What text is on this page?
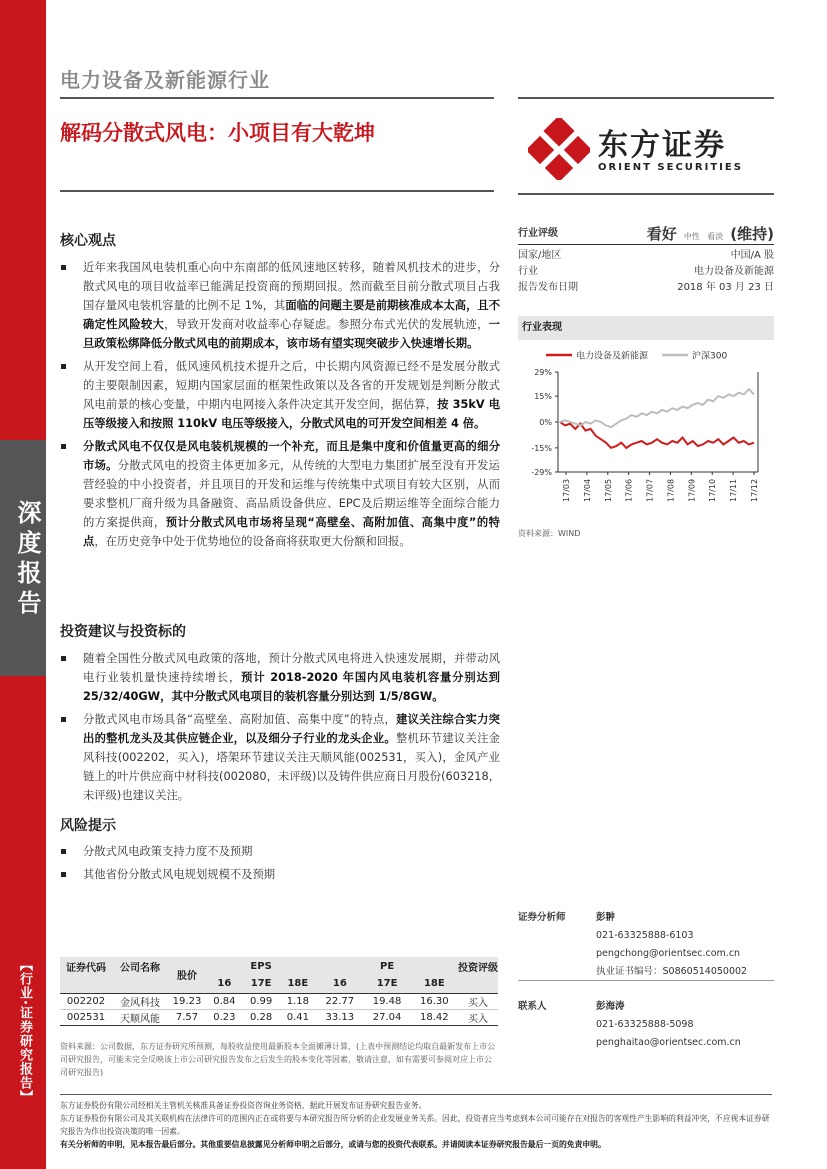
深度报告
【行业·证券研究报告】
电力设备及新能源行业
解码分散式风电：小项目有大乾坤	东方证券
ORIENT SECURITIES
核心观点
近年来我国风电装机重心向中东南部的低风速地区转移，随着风机技术的进步，分散式风电的项目收益率已能满足投资商的预期回报。然而截至目前分散式项目占我国存量风电装机容量的比例不足 1%，其面临的问题主要是前期核准成本太高，且不确定性风险较大，导致开发商对收益率心存疑虑。参照分布式光伏的发展轨迹，一旦政策松绑降低分散式风电的前期成本，该市场有望实现突破步入快速增长期。
从开发空间上看，低风速风机技术提升之后，中长期内风资源已经不是发展分散式的主要限制因素，短期内国家层面的框架性政策以及各省的开发规划是判断分散式风电前景的核心变量，中期内电网接入条件决定其开发空间，据估算，按 35kV 电压等级接入和按照 110kV 电压等级接入，分散式风电的可开发空间相差 4 倍。
分散式风电不仅仅是风电装机规模的一个补充，而且是集中度和价值量更高的细分市场。分散式风电的投资主体更加多元，从传统的大型电力集团扩展至没有开发运营经验的中小投资者，并且项目的开发和运维与传统集中式项目有较大区别，从而要求整机厂商升级为具备融资、高品质设备供应、EPC及后期运维等全面综合能力的方案提供商，预计分散式风电市场将呈现“高壁垒、高附加值、高集中度”的特点，在历史竞争中处于优势地位的设备商将获取更大份额和回报。
投资建议与投资标的
随着全国性分散式风电政策的落地，预计分散式风电将进入快速发展期，并带动风电行业装机量快速持续增长，预计 2018-2020 年国内风电装机容量分别达到 25/32/40GW，其中分散式风电项目的装机容量分别达到 1/5/8GW。
分散式风电市场具备“高壁垒、高附加值、高集中度”的特点，建议关注综合实力突出的整机龙头及其供应链企业，以及细分子行业的龙头企业。整机环节建议关注金风科技(002202，买入)，塔架环节建议关注天顺风能(002531，买入)，金风产业链上的叶片供应商中材科技(002080，未评级)以及铸件供应商日月股份(603218，未评级)也建议关注。
风险提示
分散式风电政策支持力度不及预期
其他省份分散式风电规划规模不及预期
行业评级	看好 中性 看淡 (维持)
国家/地区	中国/A 股
行业	电力设备及新能源
报告发布日期	2018 年 03 月 23 日
行业表现
电力设备及新能源	沪深300
29%
15%
0%
-15%
-29%
17/03 17/04 17/05 17/06 17/07 17/08 17/09 17/10 17/11 17/12
资料来源：WIND
证券分析师	彭翀
021-63325888-6103
pengchong@orientsec.com.cn
执业证书编号：S0860514050002
联系人	彭海涛
021-63325888-5098
penghaitao@orientsec.com.cn
证券代码	公司名称	股价	EPS			PE			投资评级
			16	17E	18E	16	17E	18E	
002202	金风科技	19.23	0.84	0.99	1.18	22.77	19.48	16.30	买入
002531	天顺风能	7.57	0.23	0.28	0.41	33.13	27.04	18.42	买入
资料来源：公司数据，东方证券研究所预测，每股收益使用最新股本全面摊薄计算，(上表中预测结论均取自最新发布上市公司研究报告，可能未完全反映该上市公司研究报告发布之后发生的股本变化等因素，敬请注意，如有需要可参阅对应上市公司研究报告)
东方证券股份有限公司经相关主管机关核准具备证券投资咨询业务资格，据此开展发布证券研究报告业务。
东方证券股份有限公司及其关联机构在法律许可的范围内正在或将要与本研究报告所分析的企业发展业务关系。因此，投资者应当考虑到本公司可能存在对报告的客观性产生影响的利益冲突，不应视本证券研究报告为作出投资决策的唯一因素。
有关分析师的申明，见本报告最后部分。其他重要信息披露见分析师申明之后部分，或请与您的投资代表联系。并请阅读本证券研究报告最后一页的免责申明。
